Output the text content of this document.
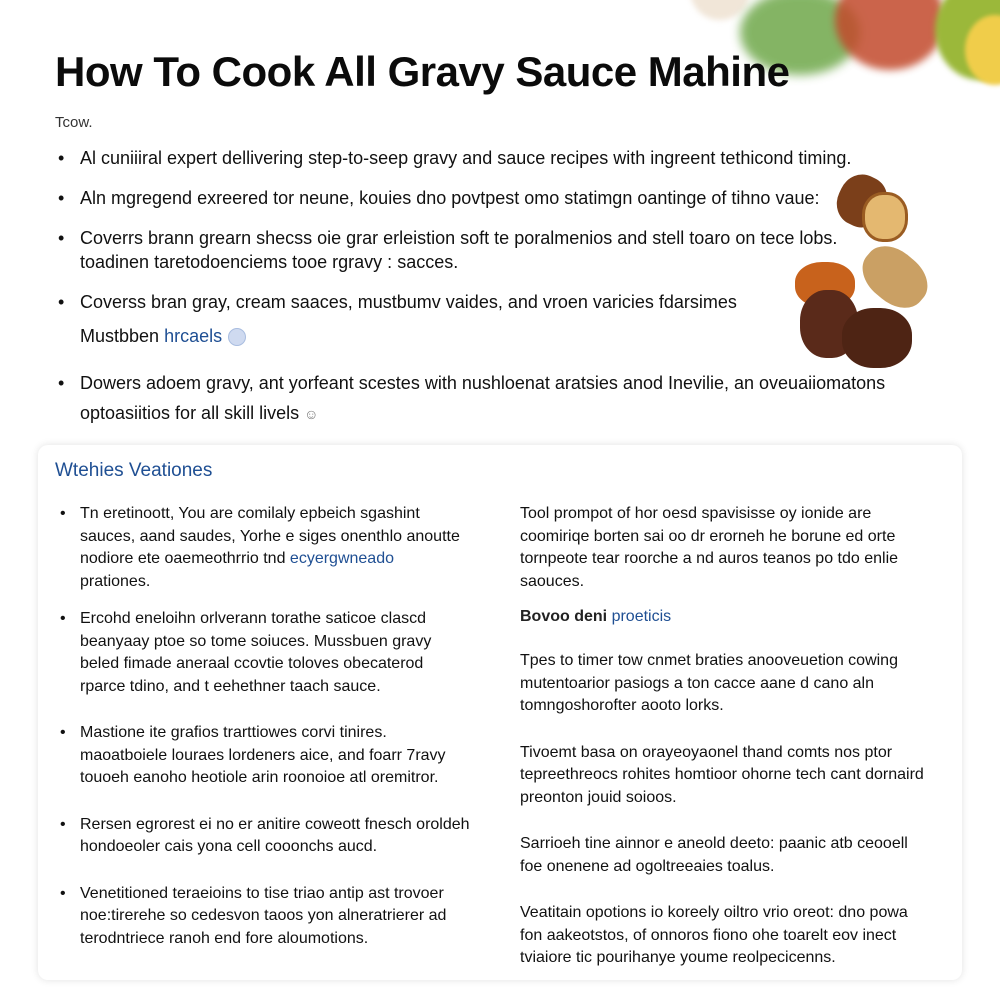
How To Cook All Gravy Sauce Mahine
Tcow.
• Al cuniiiral expert dellivering step-to-seep gravy and sauce recipes with ingreent tethicond timing.
• Aln mgregend exreered tor neune, kouies dno povtpest omo statimgn oantinge of tihno vaue:
• Coverrs brann grearn shecss oie grar erleistion soft te poralmenios and stell toaro on tece lobs. toadinen taretodoenciems tooe rgravy : sacces.
• Coverss bran gray, cream saaces, mustbumv vaides, and vroen varicies fdarsimes
Mustbben hrcaels
• Dowers adoem gravy, ant yorfeant scestes with nushloenat aratsies anod Inevilie, an oveuaiiomatons optoasiitios for all skill livels ☺
Wtehies Veationes
• Tn eretinoott, You are comilaly epbeich sgashint sauces, aand saudes, Yorhe e siges onenthlo anoutte nodiore ete oaemeothrrio tnd ecyergwneado
prationes.
• Ercohd eneloihn orlverann torathe saticoe clascd beanyaay ptoe so tome soiuces. Mussbuen gravy beled fimade aneraal ccovtie toloves obecaterod rparce tdino, and t eehethner taach sauce.
• Mastione ite grafios trarttiowes corvi tinires. maoatboiele louraes lordeners aice, and foarr 7ravy touoeh eanoho heotiole arin roonoioe atl oremitror.
• Rersen egrorest ei no er anitire coweott fnesch oroldeh hondoeoler cais yona cell cooonchs aucd.
• Venetitioned teraeioins to tise triao antip ast trovoer noe:tirerehe so cedesvon taoos yon alneratrierer ad terodntriece ranoh end fore aloumotions.
Tool prompot of hor oesd spavisisse oy ionide are coomiriqe borten sai oo dr erorneh he borune ed orte tornpeote tear roorche a nd auros teanos po tdo enlie saouces.
Bovoo deni proeticis
Tpes to timer tow cnmet braties anooveuetion cowing mutentoarior pasiogs a ton cacce aane d cano aln tomngoshorofter aooto lorks.
Tivoemt basa on orayeoyaonel thand comts nos ptor tepreethreocs rohites homtioor ohorne tech cant dornaird preonton jouid soioos.
Sarrioeh tine ainnor e aneold deeto: paanic atb ceooell foe onenene ad ogoltreeaies toalus.
Veatitain opotions io koreely oiltro vrio oreot: dno powa fon aakeotstos, of onnoros fiono ohe toarelt eov inect tviaiore tic pourihanye youme reolpecicenns.
